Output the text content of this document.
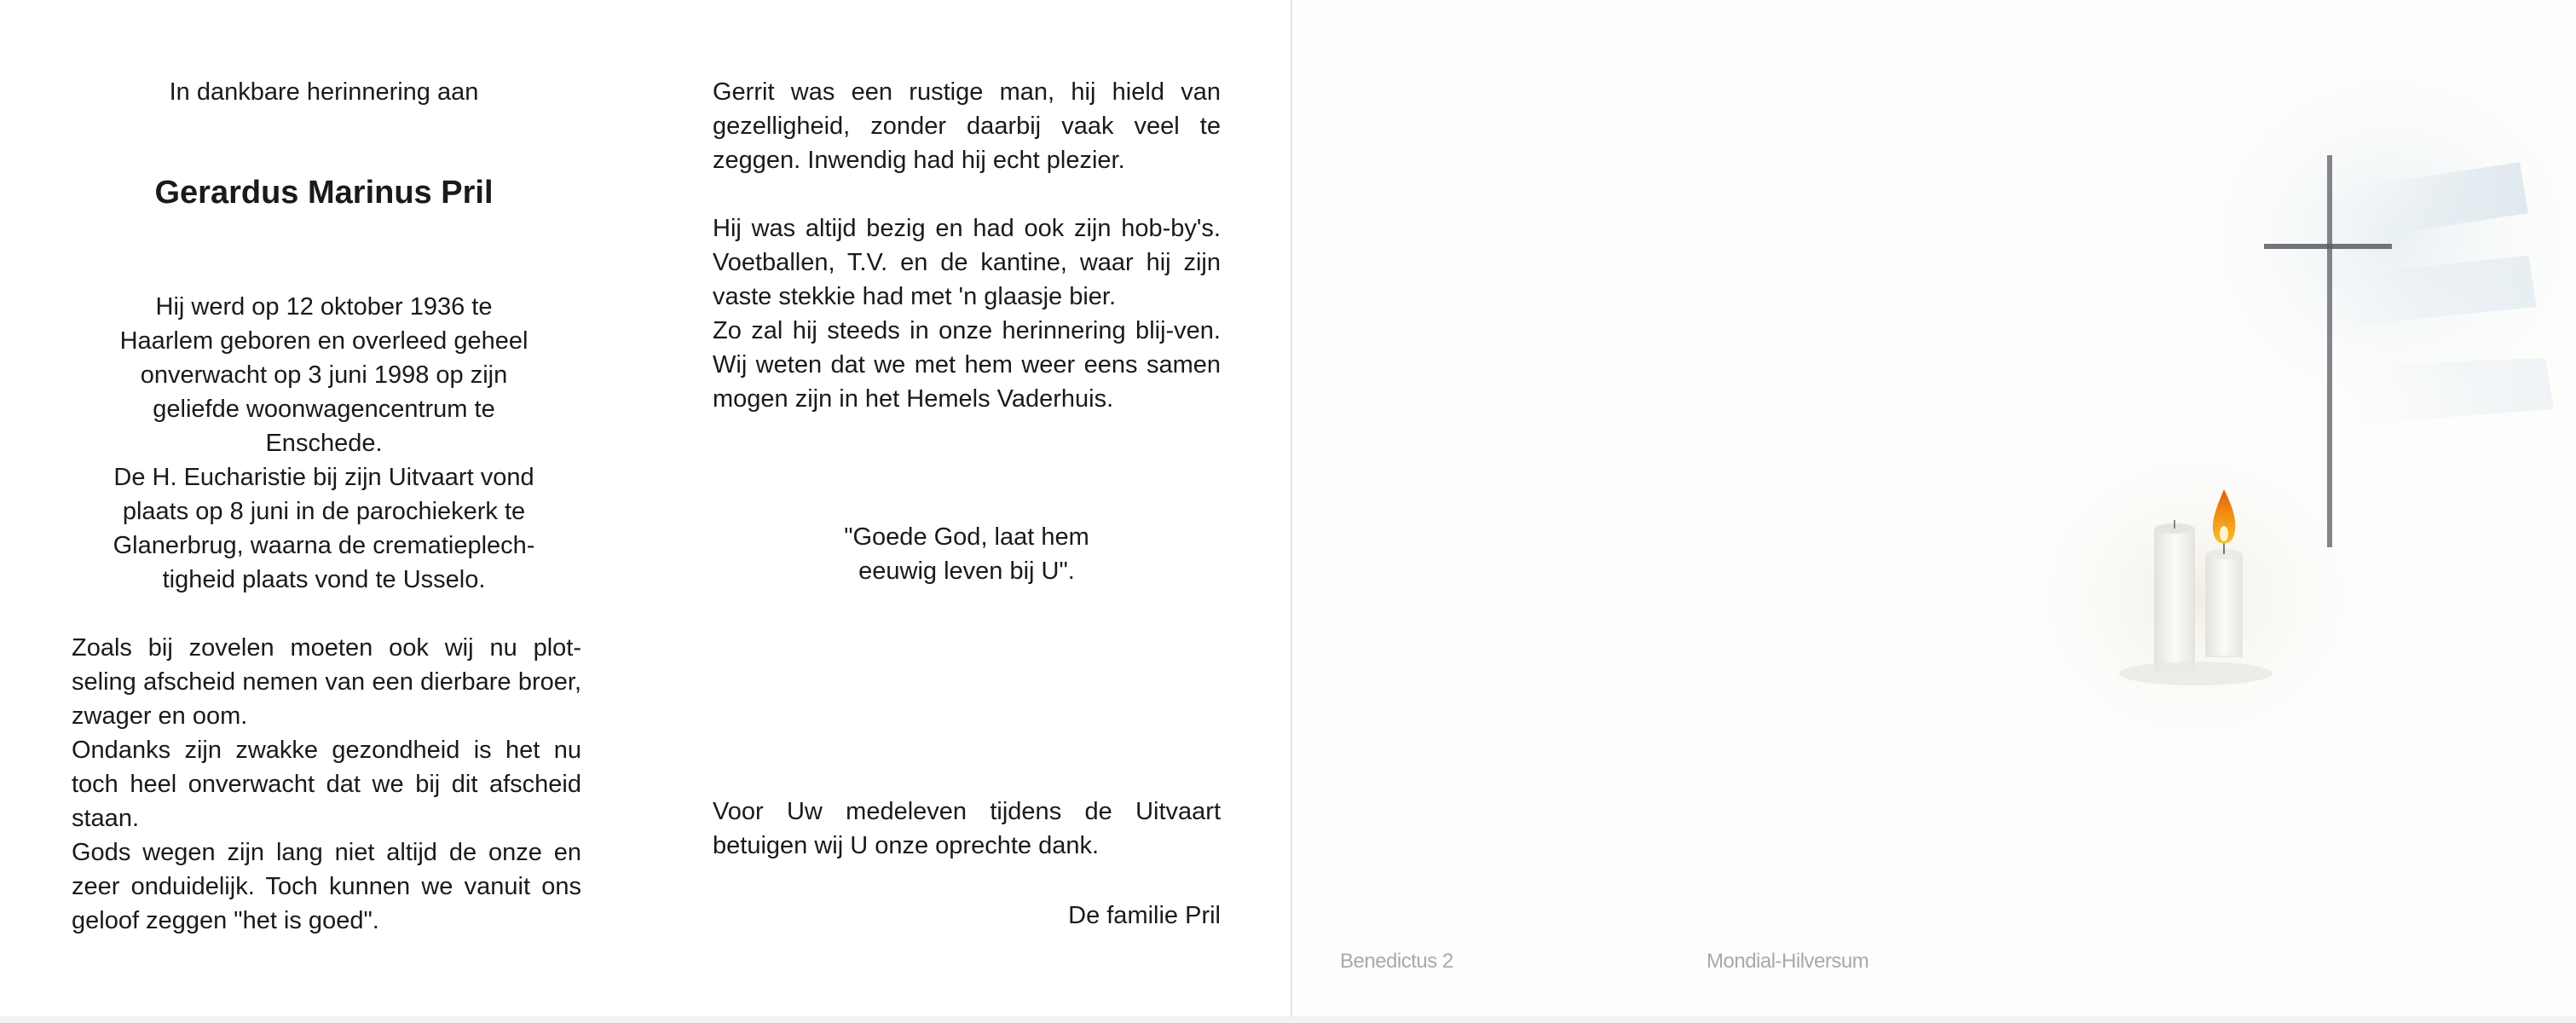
In dankbare herinnering aan
Gerardus Marinus Pril
Hij werd op 12 oktober 1936 te
Haarlem geboren en overleed geheel
onverwacht op 3 juni 1998 op zijn
geliefde woonwagencentrum te
Enschede.
De H. Eucharistie bij zijn Uitvaart vond
plaats op 8 juni in de parochiekerk te
Glanerbrug, waarna de crematieplech-
tigheid plaats vond te Usselo.

Zoals bij zovelen moeten ook wij nu plot-seling afscheid nemen van een dierbare broer, zwager en oom.

Ondanks zijn zwakke gezondheid is het nu toch heel onverwacht dat we bij dit afscheid staan.

Gods wegen zijn lang niet altijd de onze en zeer onduidelijk. Toch kunnen we vanuit ons geloof zeggen "het is goed".

Gerrit was een rustige man, hij hield van gezelligheid, zonder daarbij vaak veel te zeggen. Inwendig had hij echt plezier.

Hij was altijd bezig en had ook zijn hob-by's. Voetballen, T.V. en de kantine, waar hij zijn vaste stekkie had met 'n glaasje bier.

Zo zal hij steeds in onze herinnering blij-ven. Wij weten dat we met hem weer eens samen mogen zijn in het Hemels Vaderhuis.

"Goede God, laat hem
eeuwig leven bij U".
Voor Uw medeleven tijdens de Uitvaart betuigen wij U onze oprechte dank.
De familie Pril
Benedictus 2	Mondial-Hilversum
